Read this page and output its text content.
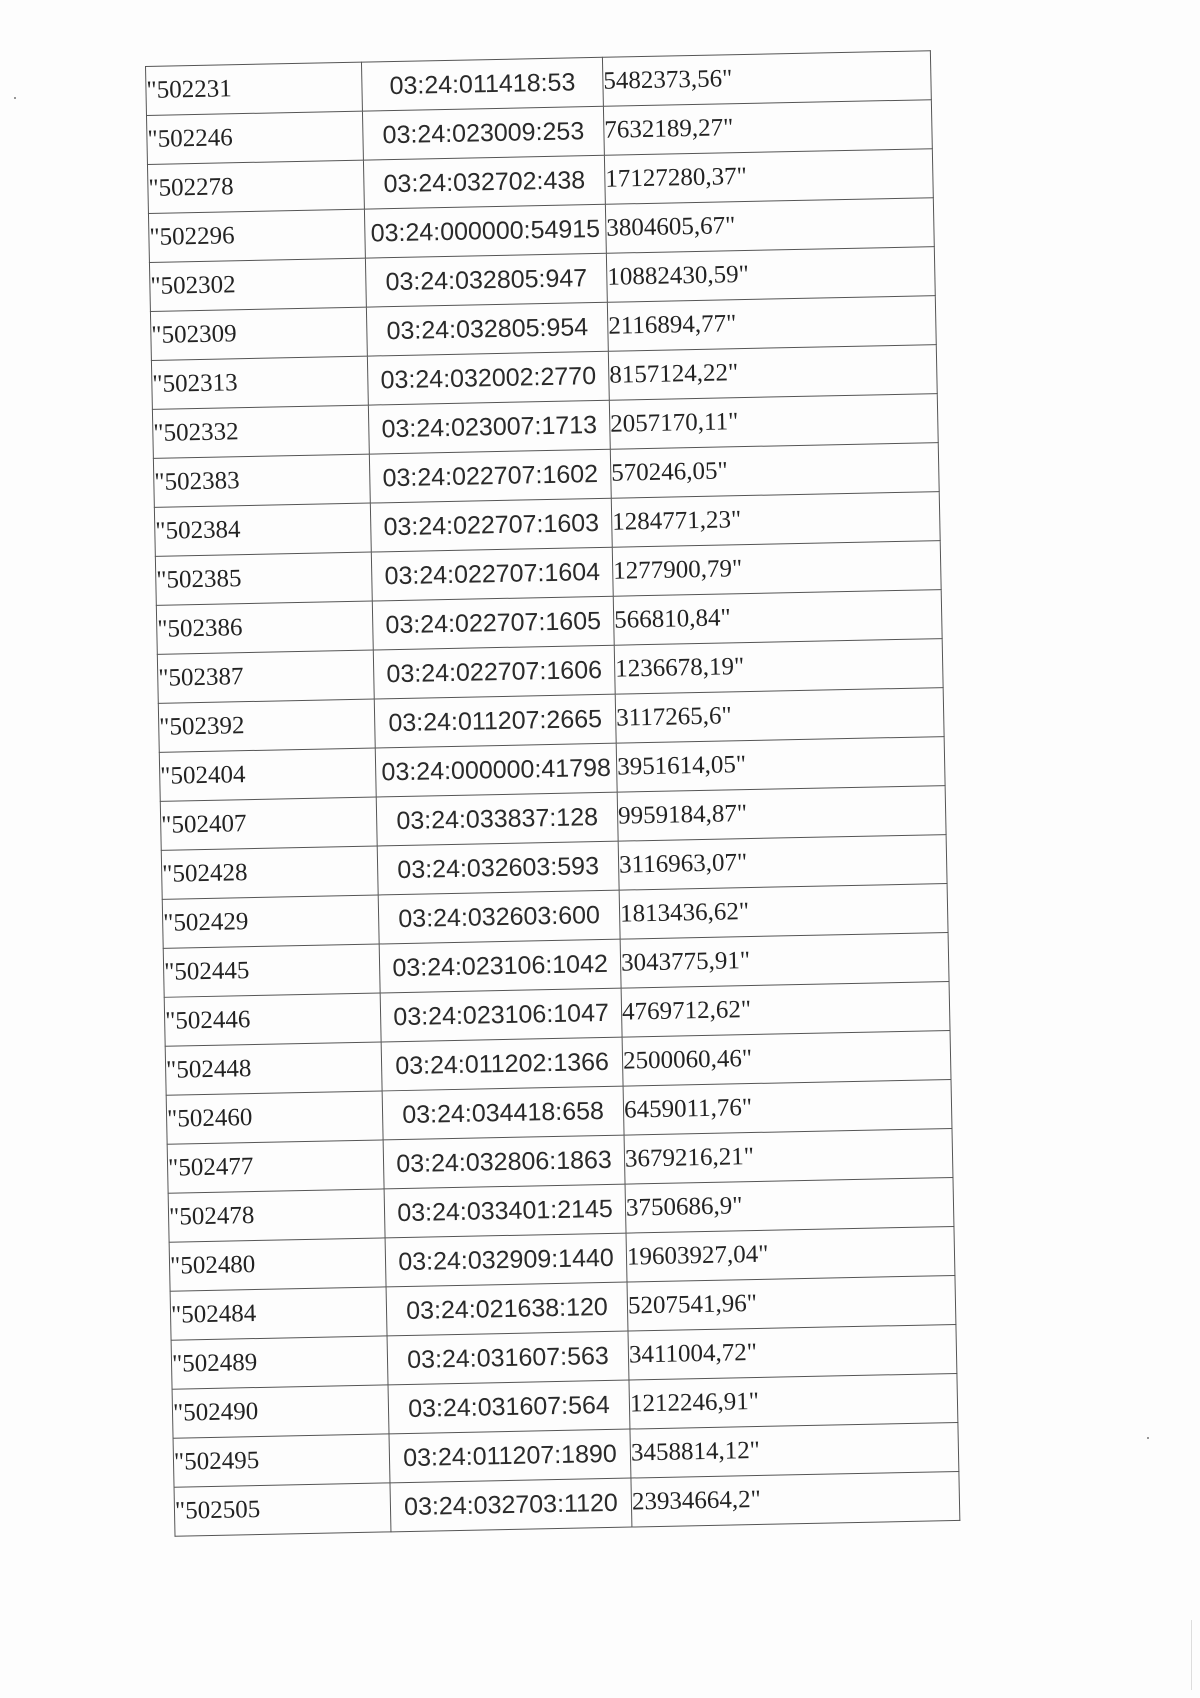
"502231	03:24:011418:53	5482373,56"
"502246	03:24:023009:253	7632189,27"
"502278	03:24:032702:438	17127280,37"
"502296	03:24:000000:54915	3804605,67"
"502302	03:24:032805:947	10882430,59"
"502309	03:24:032805:954	2116894,77"
"502313	03:24:032002:2770	8157124,22"
"502332	03:24:023007:1713	2057170,11"
"502383	03:24:022707:1602	570246,05"
"502384	03:24:022707:1603	1284771,23"
"502385	03:24:022707:1604	1277900,79"
"502386	03:24:022707:1605	566810,84"
"502387	03:24:022707:1606	1236678,19"
"502392	03:24:011207:2665	3117265,6"
"502404	03:24:000000:41798	3951614,05"
"502407	03:24:033837:128	9959184,87"
"502428	03:24:032603:593	3116963,07"
"502429	03:24:032603:600	1813436,62"
"502445	03:24:023106:1042	3043775,91"
"502446	03:24:023106:1047	4769712,62"
"502448	03:24:011202:1366	2500060,46"
"502460	03:24:034418:658	6459011,76"
"502477	03:24:032806:1863	3679216,21"
"502478	03:24:033401:2145	3750686,9"
"502480	03:24:032909:1440	19603927,04"
"502484	03:24:021638:120	5207541,96"
"502489	03:24:031607:563	3411004,72"
"502490	03:24:031607:564	1212246,91"
"502495	03:24:011207:1890	3458814,12"
"502505	03:24:032703:1120	23934664,2"
